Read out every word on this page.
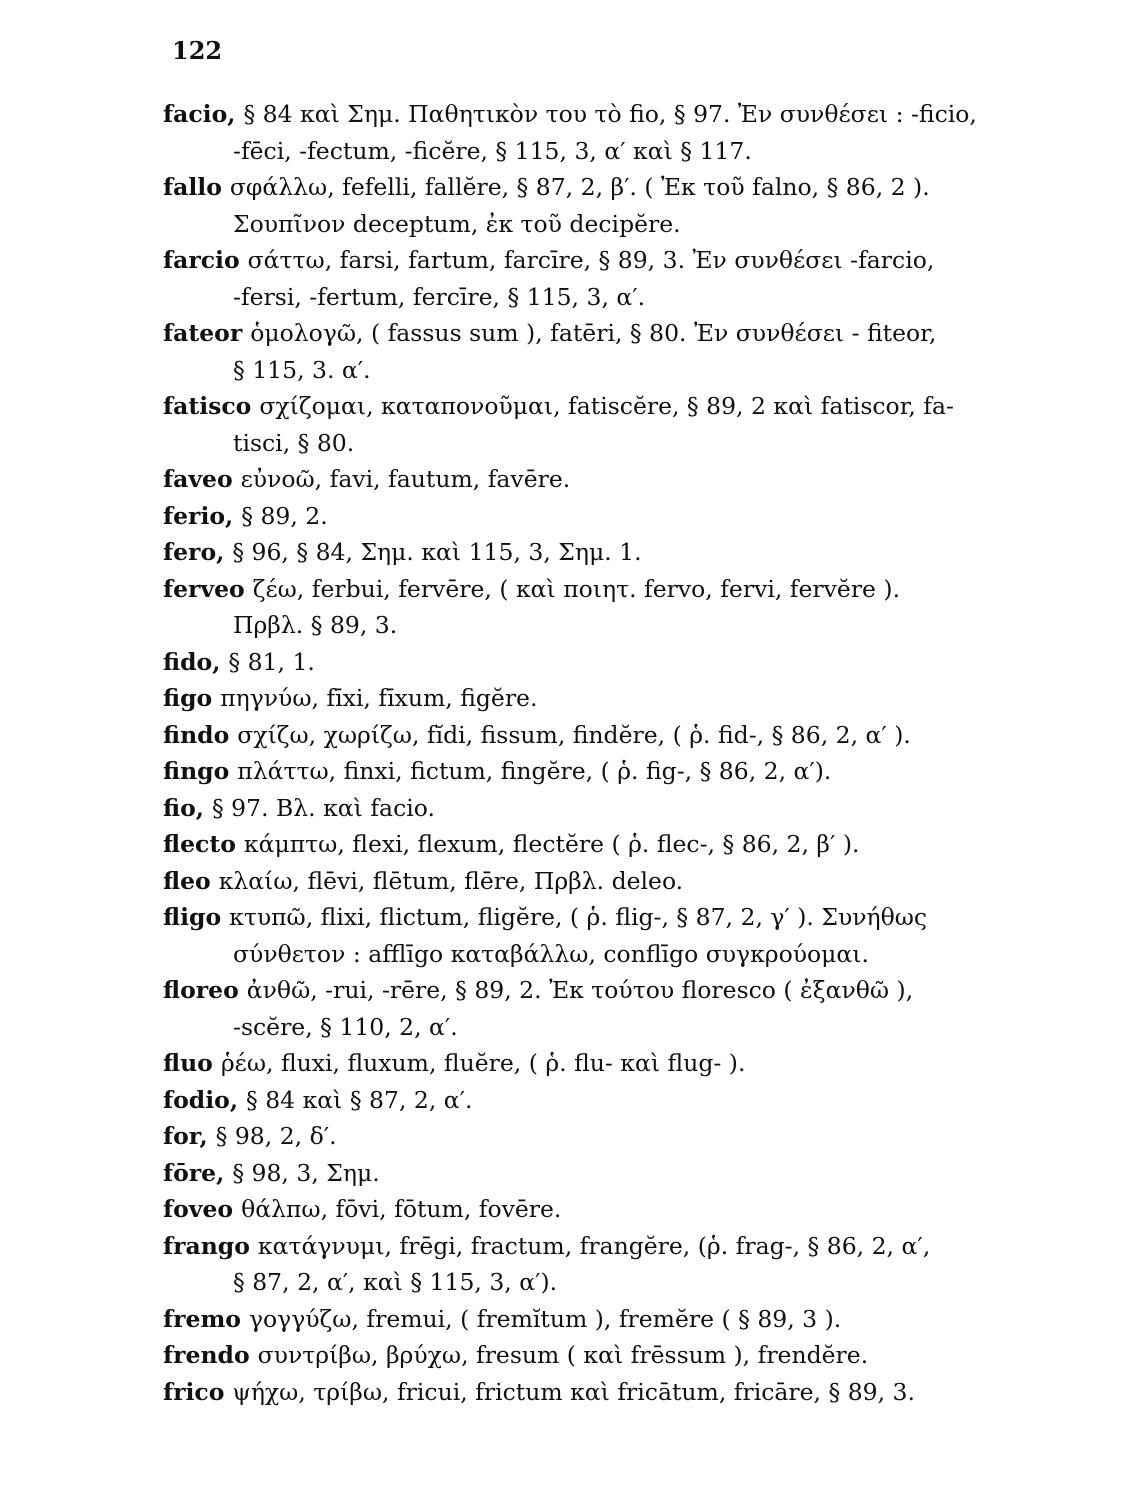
122
facio, § 84 καὶ Σημ. Παθητικὸν του τὸ fio, § 97. Ἐν συνθέσει : -ficio,
-fēci, -fectum, -ficĕre, § 115, 3, α′ καὶ § 117.
fallo σφάλλω, fefelli, fallĕre, § 87, 2, β′. ( Ἐκ τοῦ falno, § 86, 2 ).
Σουπῖνον deceptum, ἐκ τοῦ decipĕre.
farcio σάττω, farsi, fartum, farcīre, § 89, 3. Ἐν συνθέσει -farcio,
-fersi, -fertum, fercīre, § 115, 3, α′.
fateor ὁμολογῶ, ( fassus sum ), fatēri, § 80. Ἐν συνθέσει - fiteor,
§ 115, 3. α′.
fatisco σχίζομαι, καταπονοῦμαι, fatiscĕre, § 89, 2 καὶ fatiscor, fa-
tisci, § 80.
faveo εὐνοῶ, favi, fautum, favēre.
ferio, § 89, 2.
fero, § 96, § 84, Σημ. καὶ 115, 3, Σημ. 1.
ferveo ζέω, ferbui, fervēre, ( καὶ ποιητ. fervo, fervi, fervĕre ).
Πρβλ. § 89, 3.
fido, § 81, 1.
figo πηγνύω, fīxi, fīxum, figĕre.
findo σχίζω, χωρίζω, fĭdi, fissum, findĕre, ( ῥ. fid-, § 86, 2, α′ ).
fingo πλάττω, finxi, fictum, fingĕre, ( ῥ. fig-, § 86, 2, α′).
fio, § 97. Βλ. καὶ facio.
flecto κάμπτω, flexi, flexum, flectĕre ( ῥ. flec-, § 86, 2, β′ ).
fleo κλαίω, flēvi, flētum, flēre, Πρβλ. deleo.
fligo κτυπῶ, flixi, flictum, fligĕre, ( ῥ. flig-, § 87, 2, γ′ ). Συνήθως
σύνθετον : afflīgo καταβάλλω, conflīgo συγκρούομαι.
floreo ἀνθῶ, -rui, -rēre, § 89, 2. Ἐκ τούτου floresco ( ἐξανθῶ ),
-scĕre, § 110, 2, α′.
fluo ῥέω, fluxi, fluxum, fluĕre, ( ῥ. flu- καὶ flug- ).
fodio, § 84 καὶ § 87, 2, α′.
for, § 98, 2, δ′.
fōre, § 98, 3, Σημ.
foveo θάλπω, fōvi, fōtum, fovēre.
frango κατάγνυμι, frēgi, fractum, frangĕre, (ῥ. frag-, § 86, 2, α′,
§ 87, 2, α′, καὶ § 115, 3, α′).
fremo γογγύζω, fremui, ( fremĭtum ), fremĕre ( § 89, 3 ).
frendo συντρίβω, βρύχω, fresum ( καὶ frēssum ), frendĕre.
frico ψήχω, τρίβω, fricui, frictum καὶ fricātum, fricāre, § 89, 3.
